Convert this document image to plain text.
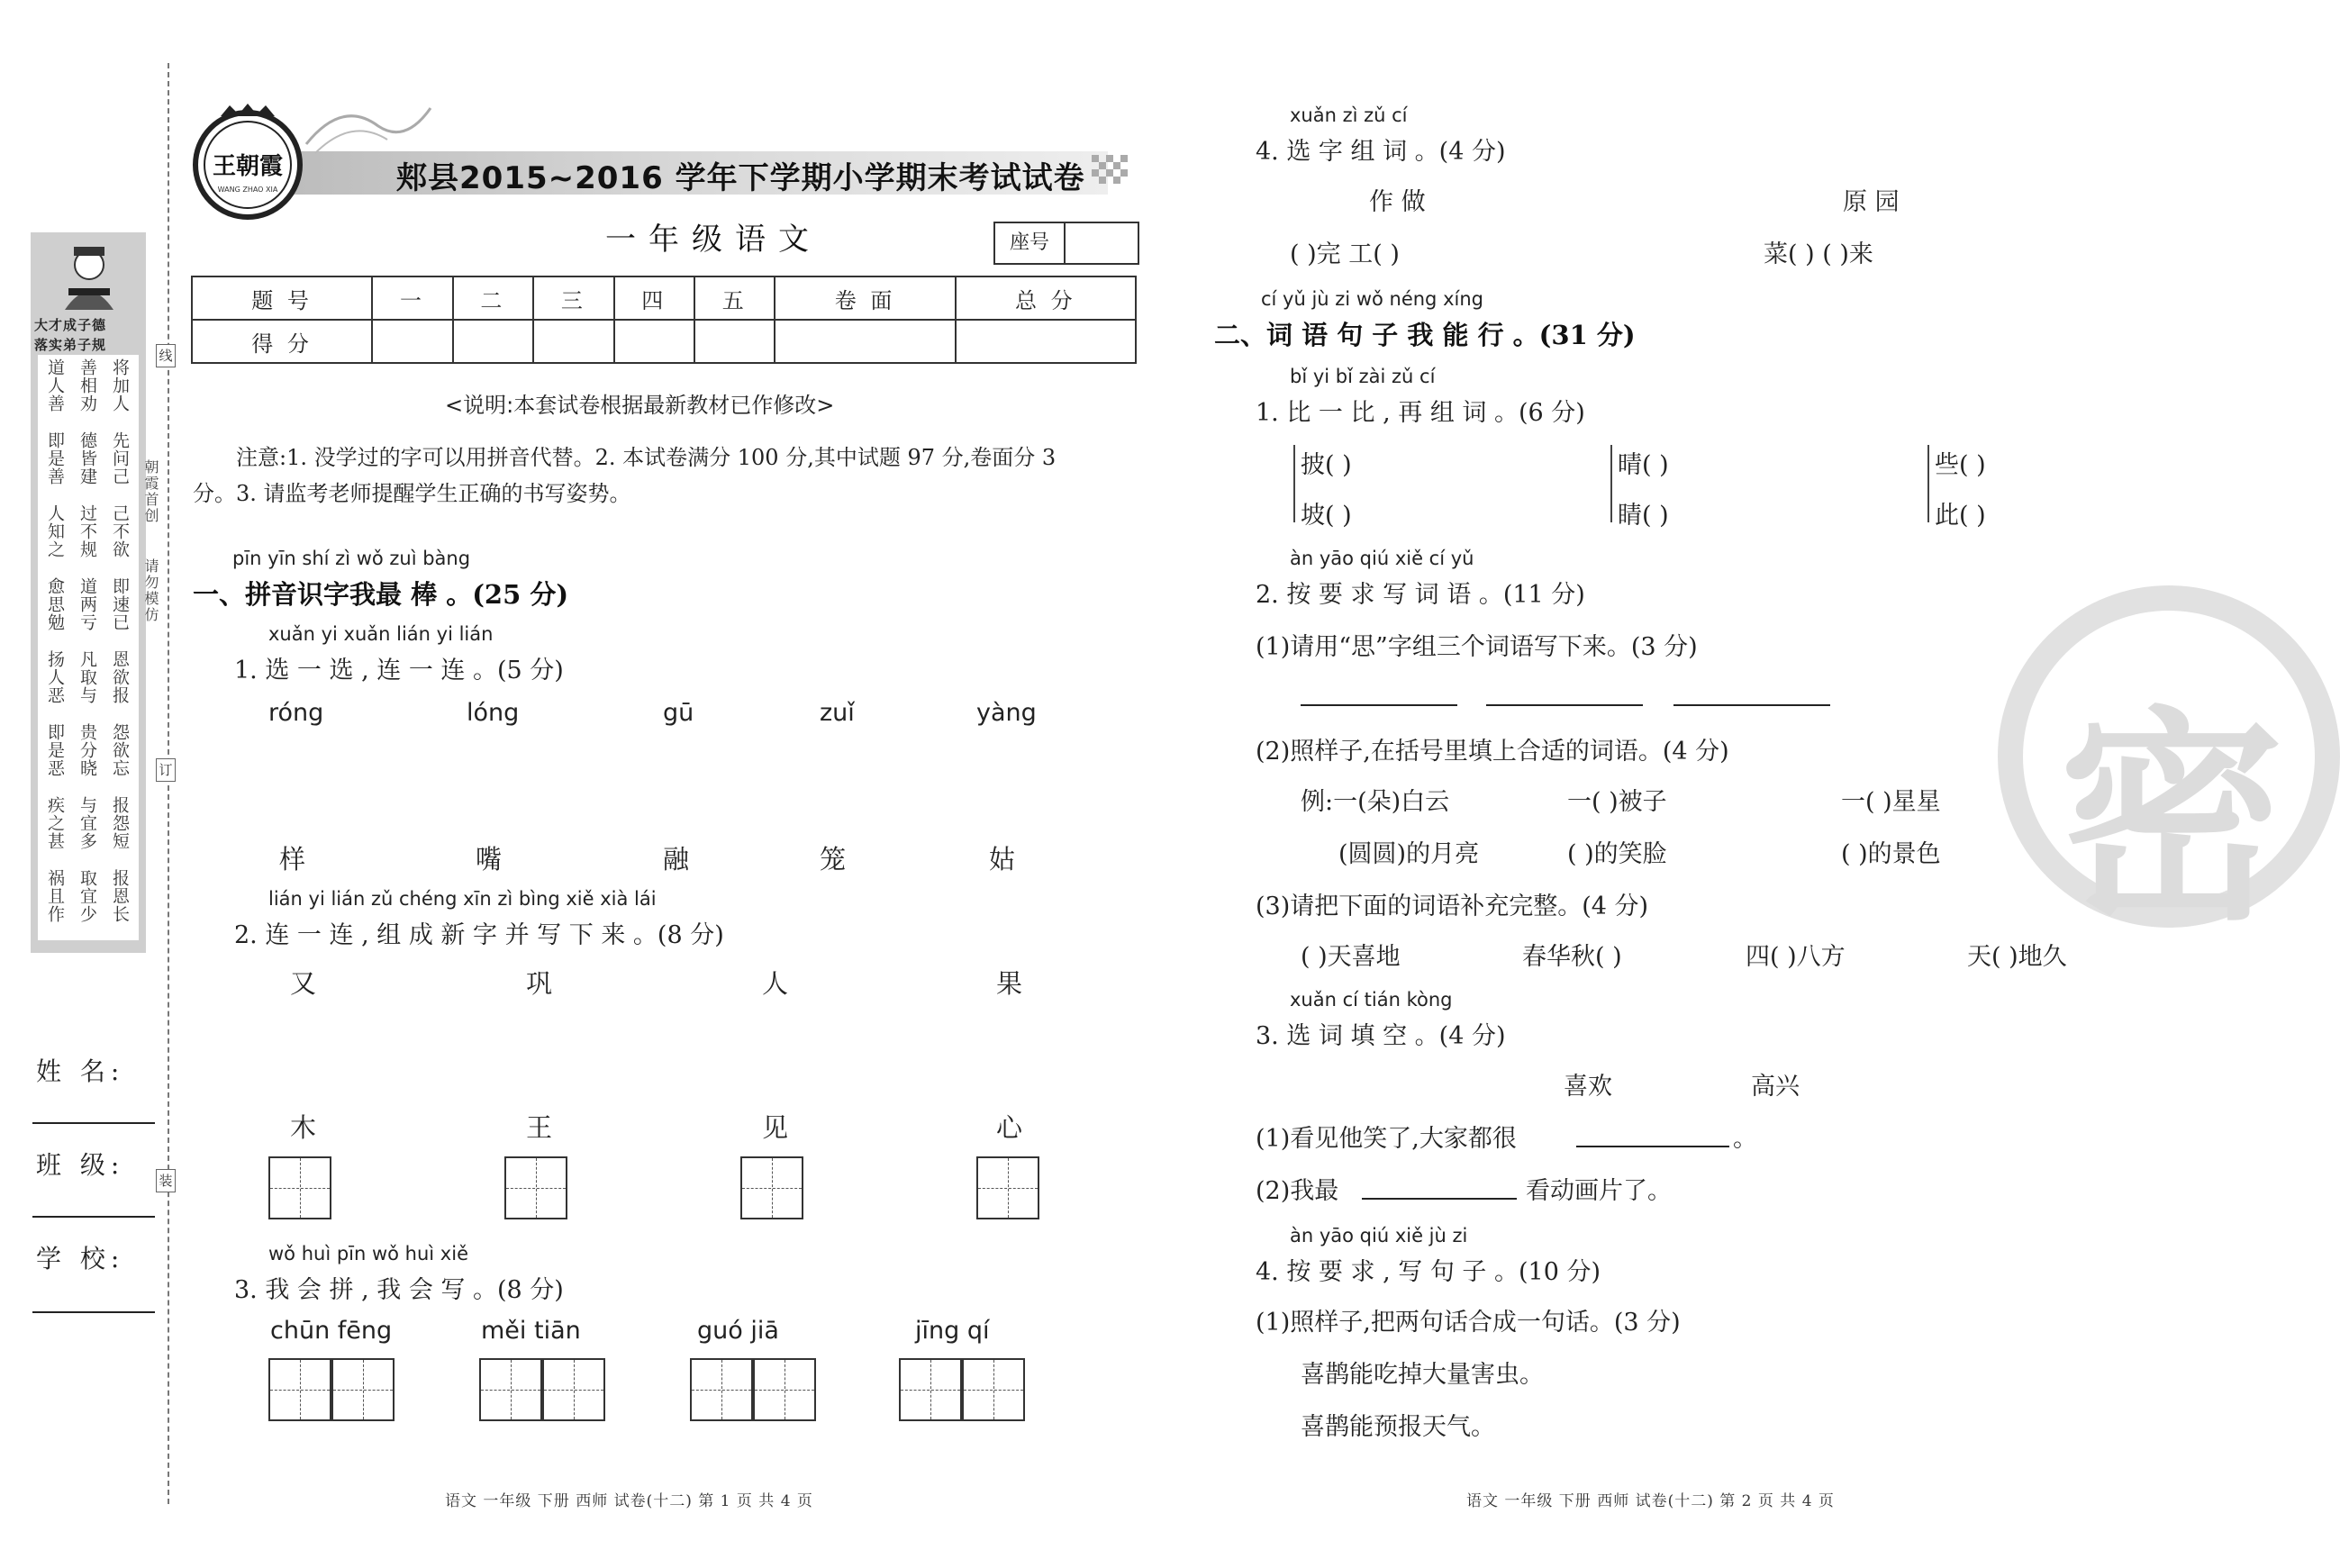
大才成子德
落实弟子规
将加人
善相劝
道人善
先问己
德皆建
即是善
己不欲
过不规
人知之
即速已
道两亏
愈思勉
恩欲报
凡取与
扬人恶
怨欲忘
贵分晓
即是恶
报怨短
与宜多
疾之甚
报恩长
取宜少
祸且作
朝霞首创
请勿模仿
线
订
装
姓 名:
班 级:
学 校:
王朝霞
WANG ZHAO XIA	郏县2015~2016 学年下学期小学期末考试试卷
一年级语文	座号
题 号	一	二	三	四	五	卷 面	总 分
得 分							
<说明:本套试卷根据最新教材已作修改>
注意:1. 没学过的字可以用拼音代替。2. 本试卷满分 100 分,其中试题 97 分,卷面分 3
分。3. 请监考老师提醒学生正确的书写姿势。
pīn yīn shí zì wǒ zuì bàng
一、拼音识字我最 棒 。(25 分)
xuǎn yi xuǎn lián yi lián
1. 选 一 选 , 连 一 连 。(5 分)
róng	lóng	gū	zuǐ	yàng
样	嘴	融	笼	姑
lián yi lián zǔ chéng xīn zì bìng xiě xià lái
2. 连 一 连 , 组 成 新 字 并 写 下 来 。(8 分)
又	巩	人	果
木	王	见	心
wǒ huì pīn wǒ huì xiě
3. 我 会 拼 , 我 会 写 。(8 分)
chūn fēng	měi tiān	guó jiā	jīng qí
语文 一年级 下册 西师 试卷(十二) 第 1 页 共 4 页
密
xuǎn zì zǔ cí
4. 选 字 组 词 。(4 分)
作 做	原 园
( )完 工( )	菜( ) ( )来
cí yǔ jù zi wǒ néng xíng
二、词 语 句 子 我 能 行 。(31 分)
bǐ yi bǐ zài zǔ cí
1. 比 一 比 , 再 组 词 。(6 分)
披( )
坡( )
晴( )
睛( )
些( )
此( )
àn yāo qiú xiě cí yǔ
2. 按 要 求 写 词 语 。(11 分)
(1)请用“思”字组三个词语写下来。(3 分)
(2)照样子,在括号里填上合适的词语。(4 分)
例:一(朵)白云	一( )被子	一( )星星
(圆圆)的月亮	( )的笑脸	( )的景色
(3)请把下面的词语补充完整。(4 分)
( )天喜地	春华秋( )	四( )八方	天( )地久
xuǎn cí tián kòng
3. 选 词 填 空 。(4 分)
喜欢	高兴
(1)看见他笑了,大家都很	。
(2)我最	看动画片了。
àn yāo qiú xiě jù zi
4. 按 要 求 , 写 句 子 。(10 分)
(1)照样子,把两句话合成一句话。(3 分)
喜鹊能吃掉大量害虫。
喜鹊能预报天气。
语文 一年级 下册 西师 试卷(十二) 第 2 页 共 4 页
